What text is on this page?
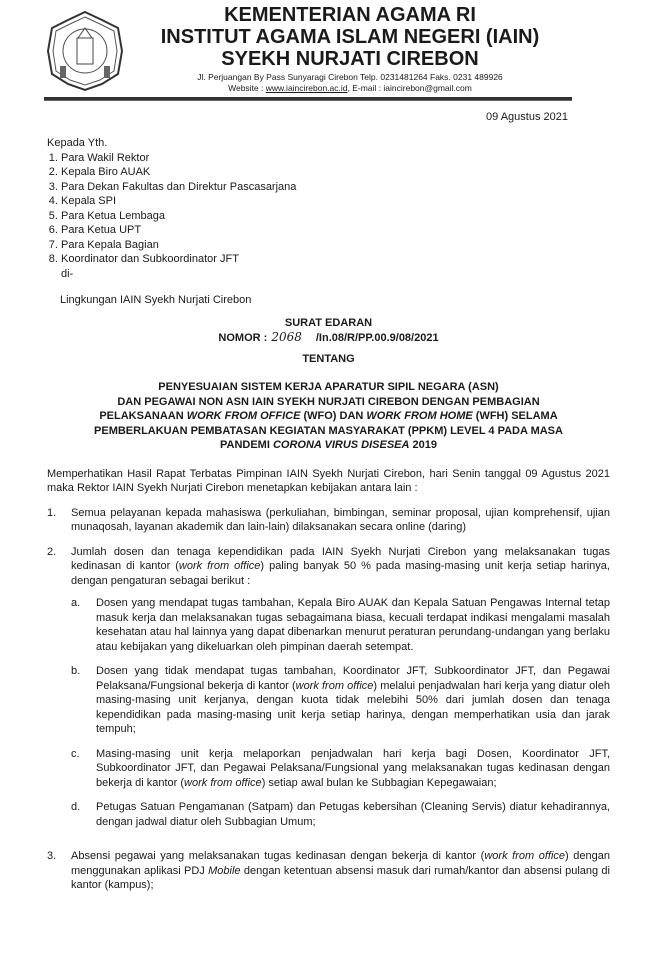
KEMENTERIAN AGAMA RI
INSTITUT AGAMA ISLAM NEGERI (IAIN)
SYEKH NURJATI CIREBON
Jl. Perjuangan By Pass Sunyaragi Cirebon Telp. 0231481264 Faks. 0231 489926
Website : www.iaincirebon.ac.id, E-mail : iaincirebon@gmail.com
09 Agustus 2021
Kepada Yth.
1. Para Wakil Rektor
2. Kepala Biro AUAK
3. Para Dekan Fakultas dan Direktur Pascasarjana
4. Kepala SPI
5. Para Ketua Lembaga
6. Para Ketua UPT
7. Para Kepala Bagian
8. Koordinator dan Subkoordinator JFT
di-
Lingkungan IAIN Syekh Nurjati Cirebon
SURAT EDARAN
NOMOR : 2068 /In.08/R/PP.00.9/08/2021
TENTANG
PENYESUAIAN SISTEM KERJA APARATUR SIPIL NEGARA (ASN)
DAN PEGAWAI NON ASN IAIN SYEKH NURJATI CIREBON DENGAN PEMBAGIAN
PELAKSANAAN WORK FROM OFFICE (WFO) DAN WORK FROM HOME (WFH) SELAMA
PEMBERLAKUAN PEMBATASAN KEGIATAN MASYARAKAT (PPKM) LEVEL 4 PADA MASA
PANDEMI CORONA VIRUS DISESEA 2019

Memperhatikan Hasil Rapat Terbatas Pimpinan IAIN Syekh Nurjati Cirebon, hari Senin tanggal 09 Agustus 2021 maka Rektor IAIN Syekh Nurjati Cirebon menetapkan kebijakan antara lain :

1.	Semua pelayanan kepada mahasiswa (perkuliahan, bimbingan, seminar proposal, ujian komprehensif, ujian munaqosah, layanan akademik dan lain-lain) dilaksanakan secara online (daring)
2.	Jumlah dosen dan tenaga kependidikan pada IAIN Syekh Nurjati Cirebon yang melaksanakan tugas kedinasan di kantor (work from office) paling banyak 50 % pada masing-masing unit kerja setiap harinya, dengan pengaturan sebagai berikut :
a.	Dosen yang mendapat tugas tambahan, Kepala Biro AUAK dan Kepala Satuan Pengawas Internal tetap masuk kerja dan melaksanakan tugas sebagaimana biasa, kecuali terdapat indikasi mengalami masalah kesehatan atau hal lainnya yang dapat dibenarkan menurut peraturan perundang-undangan yang berlaku atau kebijakan yang dikeluarkan oleh pimpinan daerah setempat.
b.	Dosen yang tidak mendapat tugas tambahan, Koordinator JFT, Subkoordinator JFT, dan Pegawai Pelaksana/Fungsional bekerja di kantor (work from office) melalui penjadwalan hari kerja yang diatur oleh masing-masing unit kerjanya, dengan kuota tidak melebihi 50% dari jumlah dosen dan tenaga kependidikan pada masing-masing unit kerja setiap harinya, dengan memperhatikan usia dan jarak tempuh;
c.	Masing-masing unit kerja melaporkan penjadwalan hari kerja bagi Dosen, Koordinator JFT, Subkoordinator JFT, dan Pegawai Pelaksana/Fungsional yang melaksanakan tugas kedinasan dengan bekerja di kantor (work from office) setiap awal bulan ke Subbagian Kepegawaian;
d.	Petugas Satuan Pengamanan (Satpam) dan Petugas kebersihan (Cleaning Servis) diatur kehadirannya, dengan jadwal diatur oleh Subbagian Umum;
3.	Absensi pegawai yang melaksanakan tugas kedinasan dengan bekerja di kantor (work from office) dengan menggunakan aplikasi PDJ Mobile dengan ketentuan absensi masuk dari rumah/kantor dan absensi pulang di kantor (kampus);
